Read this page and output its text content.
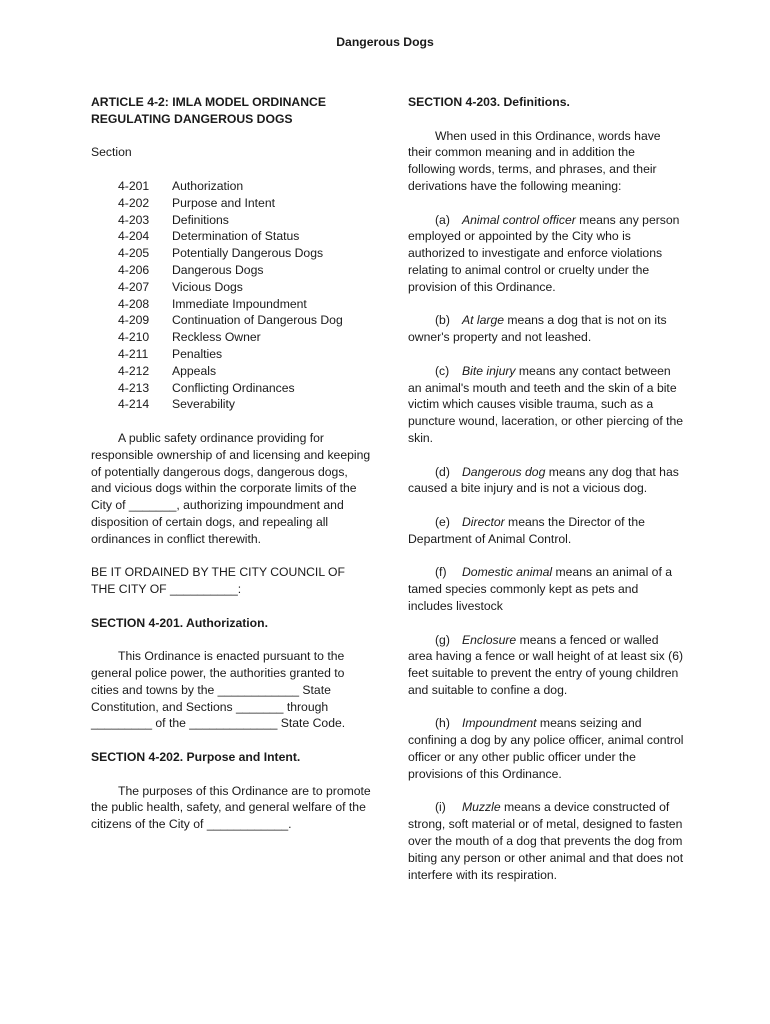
Dangerous Dogs

ARTICLE 4-2: IMLA MODEL ORDINANCE REGULATING DANGEROUS DOGS

Section

4-201	Authorization
4-202	Purpose and Intent
4-203	Definitions
4-204	Determination of Status
4-205	Potentially Dangerous Dogs
4-206	Dangerous Dogs
4-207	Vicious Dogs
4-208	Immediate Impoundment
4-209	Continuation of Dangerous Dog
4-210	Reckless Owner
4-211	Penalties
4-212	Appeals
4-213	Conflicting Ordinances
4-214	Severability

A public safety ordinance providing for responsible ownership of and licensing and keeping of potentially dangerous dogs, dangerous dogs, and vicious dogs within the corporate limits of the City of _______, authorizing impoundment and disposition of certain dogs, and repealing all ordinances in conflict therewith.

BE IT ORDAINED BY THE CITY COUNCIL OF THE CITY OF __________:

SECTION 4-201. Authorization.

This Ordinance is enacted pursuant to the general police power, the authorities granted to cities and towns by the ____________ State Constitution, and Sections _______ through _________ of the _____________ State Code.

SECTION 4-202. Purpose and Intent.

The purposes of this Ordinance are to promote the public health, safety, and general welfare of the citizens of the City of ____________.

SECTION 4-203. Definitions.

When used in this Ordinance, words have their common meaning and in addition the following words, terms, and phrases, and their derivations have the following meaning:

(a) Animal control officer means any person employed or appointed by the City who is authorized to investigate and enforce violations relating to animal control or cruelty under the provision of this Ordinance.

(b) At large means a dog that is not on its owner's property and not leashed.

(c) Bite injury means any contact between an animal's mouth and teeth and the skin of a bite victim which causes visible trauma, such as a puncture wound, laceration, or other piercing of the skin.

(d) Dangerous dog means any dog that has caused a bite injury and is not a vicious dog.

(e) Director means the Director of the Department of Animal Control.

(f) Domestic animal means an animal of a tamed species commonly kept as pets and includes livestock

(g) Enclosure means a fenced or walled area having a fence or wall height of at least six (6) feet suitable to prevent the entry of young children and suitable to confine a dog.

(h) Impoundment means seizing and confining a dog by any police officer, animal control officer or any other public officer under the provisions of this Ordinance.

(i) Muzzle means a device constructed of strong, soft material or of metal, designed to fasten over the mouth of a dog that prevents the dog from biting any person or other animal and that does not interfere with its respiration.
